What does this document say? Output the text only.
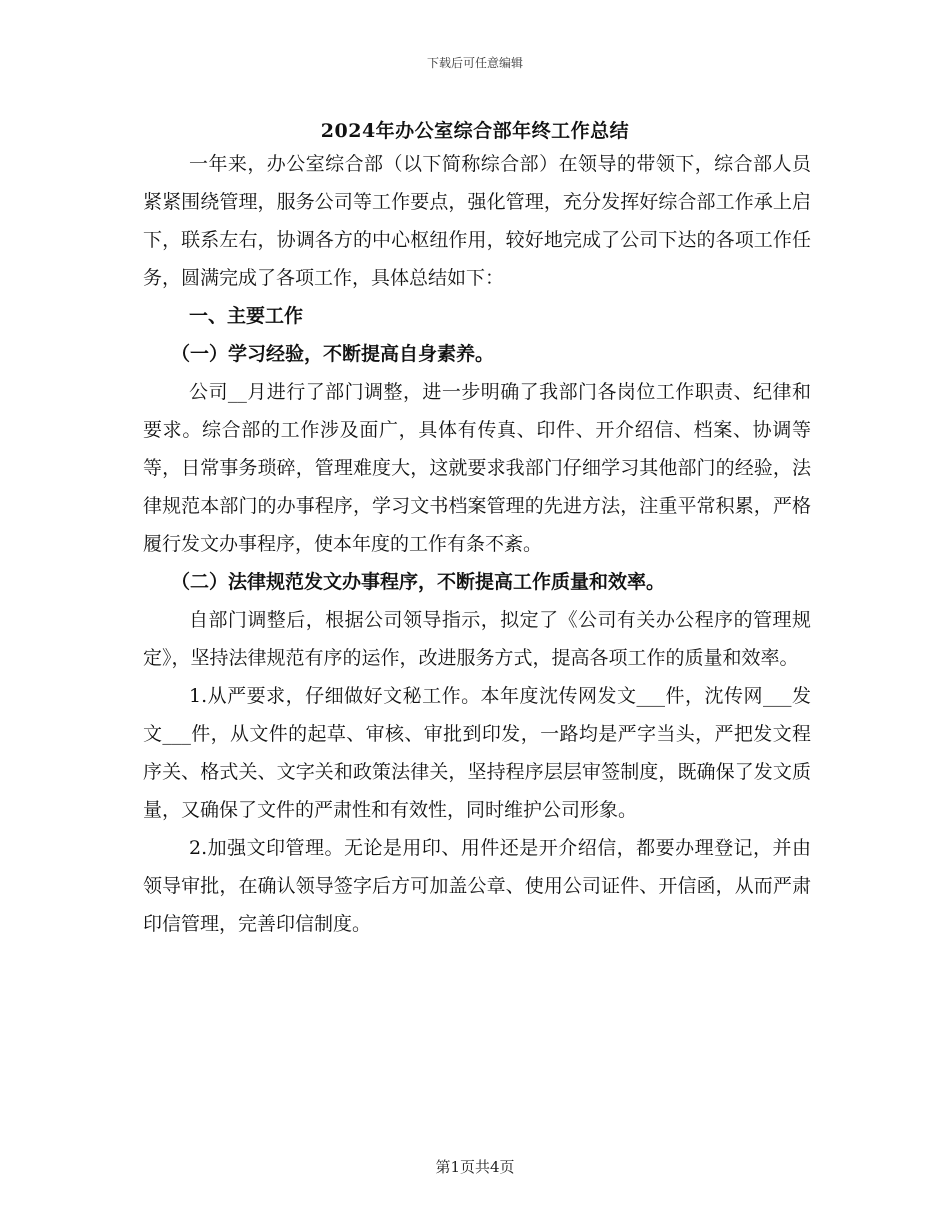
下载后可任意编辑
2024年办公室综合部年终工作总结

一年来，办公室综合部（以下简称综合部）在领导的带领下，综合部人员紧紧围绕管理，服务公司等工作要点，强化管理，充分发挥好综合部工作承上启下，联系左右，协调各方的中心枢纽作用，较好地完成了公司下达的各项工作任务，圆满完成了各项工作，具体总结如下：

一、主要工作

（一）学习经验，不断提高自身素养。

公司__月进行了部门调整，进一步明确了我部门各岗位工作职责、纪律和要求。综合部的工作涉及面广，具体有传真、印件、开介绍信、档案、协调等等，日常事务琐碎，管理难度大，这就要求我部门仔细学习其他部门的经验，法律规范本部门的办事程序，学习文书档案管理的先进方法，注重平常积累，严格履行发文办事程序，使本年度的工作有条不紊。

（二）法律规范发文办事程序，不断提高工作质量和效率。

自部门调整后，根据公司领导指示，拟定了《公司有关办公程序的管理规定》，坚持法律规范有序的运作，改进服务方式，提高各项工作的质量和效率。

1.从严要求，仔细做好文秘工作。本年度沈传网发文___件，沈传网___发文___件，从文件的起草、审核、审批到印发，一路均是严字当头，严把发文程序关、格式关、文字关和政策法律关，坚持程序层层审签制度，既确保了发文质量，又确保了文件的严肃性和有效性，同时维护公司形象。

2.加强文印管理。无论是用印、用件还是开介绍信，都要办理登记，并由领导审批，在确认领导签字后方可加盖公章、使用公司证件、开信函，从而严肃印信管理，完善印信制度。

第1页共4页
